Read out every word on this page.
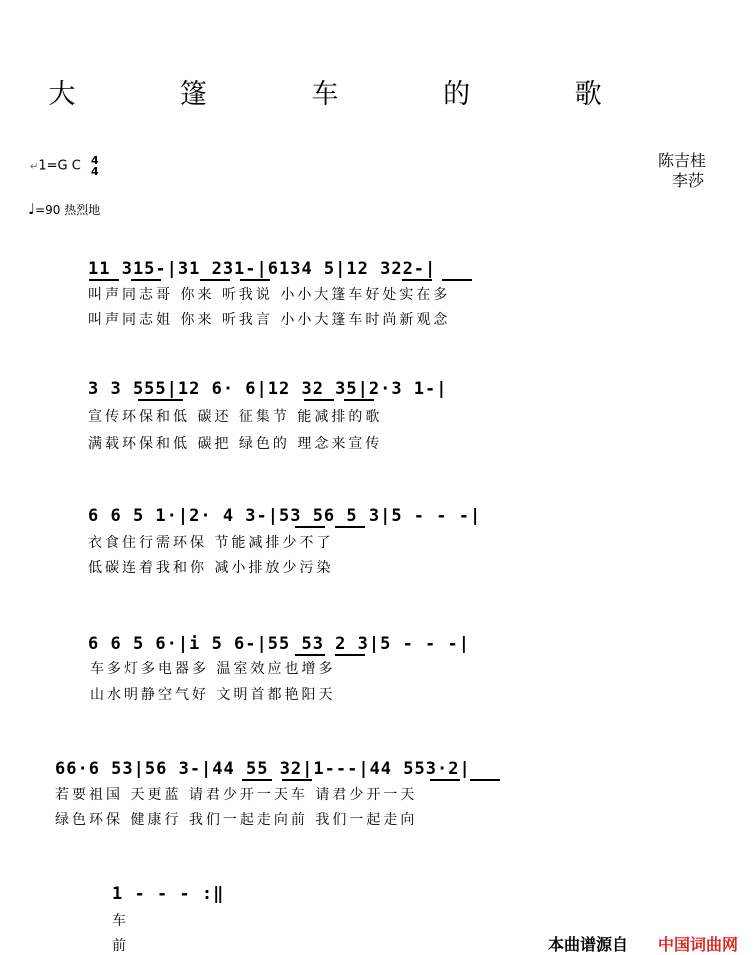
大 篷 车 的 歌
↵1=G C 4
4
♩=90 热烈地
陈吉桂
李莎
11 315-|31 231-|6134 5|12 322-|
叫声同志哥 你来 听我说 小小大篷车好处实在多
叫声同志姐 你来 听我言 小小大篷车时尚新观念
3 3 555|12 6· 6|12 32 35|2·3 1-|
宣传环保和低 碳还 征集节 能减排的歌
满载环保和低 碳把 绿色的 理念来宣传
6 6 5 1·|2· 4 3-|53 56 5 3|5 - - -|
衣食住行需环保 节能减排少不了
低碳连着我和你 减小排放少污染
6 6 5 6·|i 5 6-|55 53 2 3|5 - - -|
车多灯多电器多 温室效应也增多
山水明静空气好 文明首都艳阳天
66·6 53|56 3-|44 55 32|1---|44 553·2|
若要祖国 天更蓝 请君少开一天车 请君少开一天
绿色环保 健康行 我们一起走向前 我们一起走向
1 - - - :‖
车
前	本曲谱源自 中国词曲网
